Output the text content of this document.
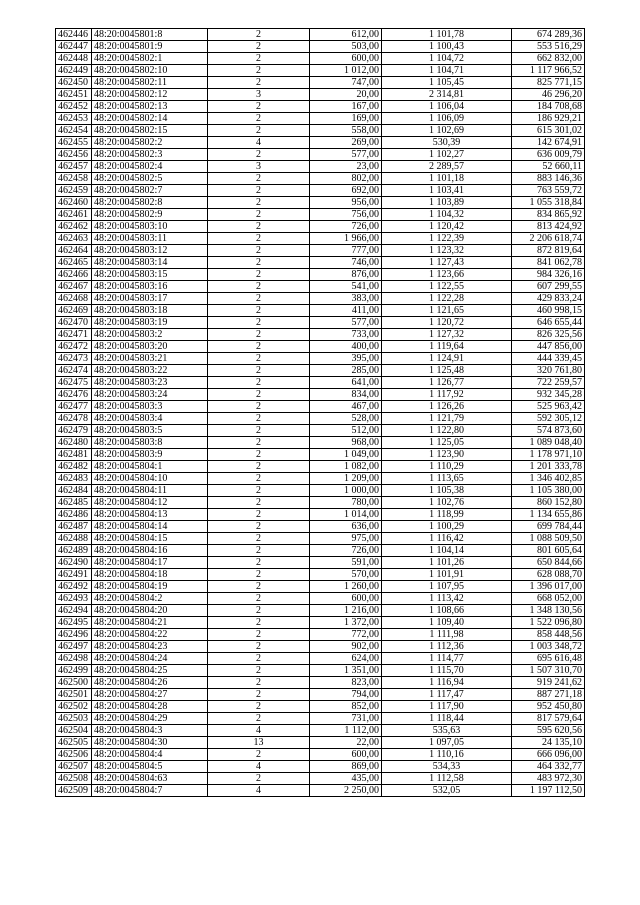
462446	48:20:0045801:8	2	612,00	1 101,78	674 289,36
462447	48:20:0045801:9	2	503,00	1 100,43	553 516,29
462448	48:20:0045802:1	2	600,00	1 104,72	662 832,00
462449	48:20:0045802:10	2	1 012,00	1 104,71	1 117 966,52
462450	48:20:0045802:11	2	747,00	1 105,45	825 771,15
462451	48:20:0045802:12	3	20,00	2 314,81	46 296,20
462452	48:20:0045802:13	2	167,00	1 106,04	184 708,68
462453	48:20:0045802:14	2	169,00	1 106,09	186 929,21
462454	48:20:0045802:15	2	558,00	1 102,69	615 301,02
462455	48:20:0045802:2	4	269,00	530,39	142 674,91
462456	48:20:0045802:3	2	577,00	1 102,27	636 009,79
462457	48:20:0045802:4	3	23,00	2 289,57	52 660,11
462458	48:20:0045802:5	2	802,00	1 101,18	883 146,36
462459	48:20:0045802:7	2	692,00	1 103,41	763 559,72
462460	48:20:0045802:8	2	956,00	1 103,89	1 055 318,84
462461	48:20:0045802:9	2	756,00	1 104,32	834 865,92
462462	48:20:0045803:10	2	726,00	1 120,42	813 424,92
462463	48:20:0045803:11	2	1 966,00	1 122,39	2 206 618,74
462464	48:20:0045803:12	2	777,00	1 123,32	872 819,64
462465	48:20:0045803:14	2	746,00	1 127,43	841 062,78
462466	48:20:0045803:15	2	876,00	1 123,66	984 326,16
462467	48:20:0045803:16	2	541,00	1 122,55	607 299,55
462468	48:20:0045803:17	2	383,00	1 122,28	429 833,24
462469	48:20:0045803:18	2	411,00	1 121,65	460 998,15
462470	48:20:0045803:19	2	577,00	1 120,72	646 655,44
462471	48:20:0045803:2	2	733,00	1 127,32	826 325,56
462472	48:20:0045803:20	2	400,00	1 119,64	447 856,00
462473	48:20:0045803:21	2	395,00	1 124,91	444 339,45
462474	48:20:0045803:22	2	285,00	1 125,48	320 761,80
462475	48:20:0045803:23	2	641,00	1 126,77	722 259,57
462476	48:20:0045803:24	2	834,00	1 117,92	932 345,28
462477	48:20:0045803:3	2	467,00	1 126,26	525 963,42
462478	48:20:0045803:4	2	528,00	1 121,79	592 305,12
462479	48:20:0045803:5	2	512,00	1 122,80	574 873,60
462480	48:20:0045803:8	2	968,00	1 125,05	1 089 048,40
462481	48:20:0045803:9	2	1 049,00	1 123,90	1 178 971,10
462482	48:20:0045804:1	2	1 082,00	1 110,29	1 201 333,78
462483	48:20:0045804:10	2	1 209,00	1 113,65	1 346 402,85
462484	48:20:0045804:11	2	1 000,00	1 105,38	1 105 380,00
462485	48:20:0045804:12	2	780,00	1 102,76	860 152,80
462486	48:20:0045804:13	2	1 014,00	1 118,99	1 134 655,86
462487	48:20:0045804:14	2	636,00	1 100,29	699 784,44
462488	48:20:0045804:15	2	975,00	1 116,42	1 088 509,50
462489	48:20:0045804:16	2	726,00	1 104,14	801 605,64
462490	48:20:0045804:17	2	591,00	1 101,26	650 844,66
462491	48:20:0045804:18	2	570,00	1 101,91	628 088,70
462492	48:20:0045804:19	2	1 260,00	1 107,95	1 396 017,00
462493	48:20:0045804:2	2	600,00	1 113,42	668 052,00
462494	48:20:0045804:20	2	1 216,00	1 108,66	1 348 130,56
462495	48:20:0045804:21	2	1 372,00	1 109,40	1 522 096,80
462496	48:20:0045804:22	2	772,00	1 111,98	858 448,56
462497	48:20:0045804:23	2	902,00	1 112,36	1 003 348,72
462498	48:20:0045804:24	2	624,00	1 114,77	695 616,48
462499	48:20:0045804:25	2	1 351,00	1 115,70	1 507 310,70
462500	48:20:0045804:26	2	823,00	1 116,94	919 241,62
462501	48:20:0045804:27	2	794,00	1 117,47	887 271,18
462502	48:20:0045804:28	2	852,00	1 117,90	952 450,80
462503	48:20:0045804:29	2	731,00	1 118,44	817 579,64
462504	48:20:0045804:3	4	1 112,00	535,63	595 620,56
462505	48:20:0045804:30	13	22,00	1 097,05	24 135,10
462506	48:20:0045804:4	2	600,00	1 110,16	666 096,00
462507	48:20:0045804:5	4	869,00	534,33	464 332,77
462508	48:20:0045804:63	2	435,00	1 112,58	483 972,30
462509	48:20:0045804:7	4	2 250,00	532,05	1 197 112,50
